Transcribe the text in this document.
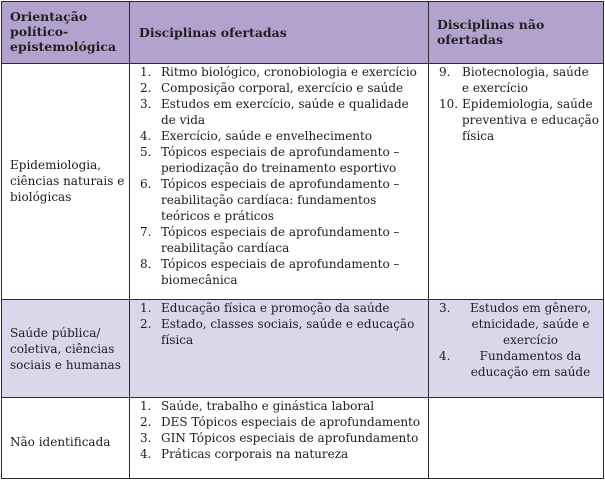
Orientação
político-
epistemológica
Disciplinas ofertadas
Disciplinas não
ofertadas
Epidemiologia, ciências naturais e biológicas
1. Ritmo biológico, cronobiologia e exercício
2. Composição corporal, exercício e saúde
3. Estudos em exercício, saúde e qualidade de vida
4. Exercício, saúde e envelhecimento
5. Tópicos especiais de aprofundamento – periodização do treinamento esportivo
6. Tópicos especiais de aprofundamento – reabilitação cardíaca: fundamentos teóricos e práticos
7. Tópicos especiais de aprofundamento – reabilitação cardíaca
8. Tópicos especiais de aprofundamento – biomecânica
9. Biotecnologia, saúde e exercício
10. Epidemiologia, saúde preventiva e educação física
Saúde pública/ coletiva, ciências sociais e humanas
1. Educação física e promoção da saúde
2. Estado, classes sociais, saúde e educação física
3.	Estudos em gênero, etnicidade, saúde e exercício
4.	Fundamentos da educação em saúde
Não identificada
1. Saúde, trabalho e ginástica laboral
2. DES Tópicos especiais de aprofundamento
3. GIN Tópicos especiais de aprofundamento
4. Práticas corporais na natureza
